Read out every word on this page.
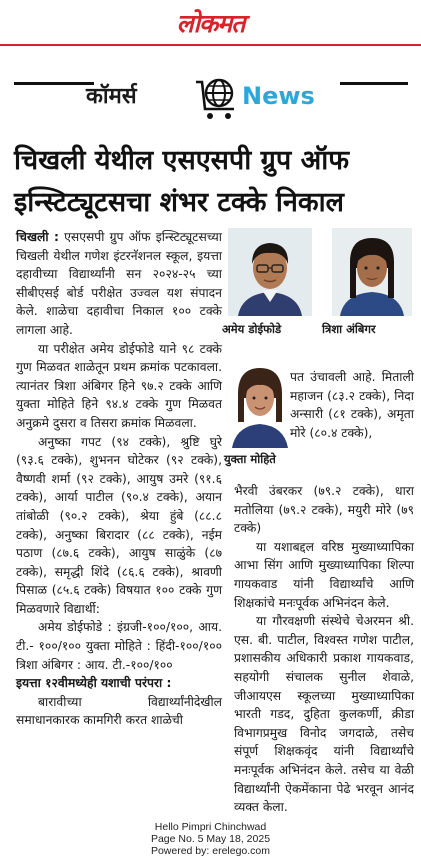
लोकमत
कॉमर्स	News
चिखली येथील एसएसपी ग्रुप ऑफ
इन्स्टिट्यूटसचा शंभर टक्के निकाल

चिखली : एसएसपी ग्रुप ऑफ इन्स्टिट्यूटसच्या चिखली येथील गणेश इंटरनॅशनल स्कूल, इयत्ता दहावीच्या विद्यार्थ्यांनी सन २०२४-२५ च्या सीबीएसई बोर्ड परीक्षेत उज्वल यश संपादन केले. शाळेचा दहावीचा निकाल १०० टक्के लागला आहे.

या परीक्षेत अमेय डोईफोडे याने ९८ टक्के गुण मिळवत शाळेतून प्रथम क्रमांक पटकावला. त्यानंतर त्रिशा अंबिगर हिने ९७.२ टक्के आणि युक्ता मोहिते हिने ९४.४ टक्के गुण मिळवत अनुक्रमे दुसरा व तिसरा क्रमांक मिळवला.

अनुष्का गपट (९४ टक्के), श्रुष्टि घुरे (९३.६ टक्के), शुभनन घोटेकर (९२ टक्के), वैष्णवी शर्मा (९२ टक्के), आयुष उमरे (९१.६ टक्के), आर्या पाटील (९०.४ टक्के), अयान तांबोळी (९०.२ टक्के), श्रेया हुंबे (८८.८ टक्के), अनुष्का बिरादार (८८ टक्के), नईम पठाण (८७.६ टक्के), आयुष साळुंके (८७ टक्के), समृद्धी शिंदे (८६.६ टक्के), श्रावणी पिसाळ (८५.६ टक्के) विषयात १०० टक्के गुण मिळवणारे विद्यार्थी:

अमेय डोईफोडे : इंग्रजी-१००/१००, आय. टी.- १००/१०० युक्ता मोहिते : हिंदी-१००/१०० त्रिशा अंबिगर : आय. टी.-१००/१००

इयत्ता १२वीमध्येही यशाची परंपरा :

बारावीच्या विद्यार्थ्यांनीदेखील समाधानकारक कामगिरी करत शाळेची

अमेय डोईफोडे	त्रिशा अंबिगर
युक्ता मोहिते

पत उंचावली आहे. मिताली महाजन (८३.२ टक्के), निदा अन्सारी (८१ टक्के), अमृता मोरे (८०.४ टक्के),

भैरवी उंबरकर (७९.२ टक्के), धारा मतोलिया (७९.२ टक्के), मयुरी मोरे (७९ टक्के)

या यशाबद्दल वरिष्ठ मुख्याध्यापिका आभा सिंग आणि मुख्याध्यापिका शिल्पा गायकवाड यांनी विद्यार्थ्यांचे आणि शिक्षकांचे मनःपूर्वक अभिनंदन केले.

या गौरवक्षणी संस्थेचे चेअरमन श्री. एस. बी. पाटील, विश्वस्त गणेश पाटील, प्रशासकीय अधिकारी प्रकाश गायकवाड, सहयोगी संचालक सुनील शेवाळे, जीआयएस स्कूलच्या मुख्याध्यापिका भारती गडद, दुहिता कुलकर्णी, क्रीडा विभागप्रमुख विनोद जगदाळे, तसेच संपूर्ण शिक्षकवृंद यांनी विद्यार्थ्यांचे मनःपूर्वक अभिनंदन केले. तसेच या वेळी विद्यार्थ्यांनी ऐकमेंकाना पेढे भरवून आनंद व्यक्त केला.

Hello Pimpri Chinchwad
Page No. 5 May 18, 2025
Powered by: erelego.com
